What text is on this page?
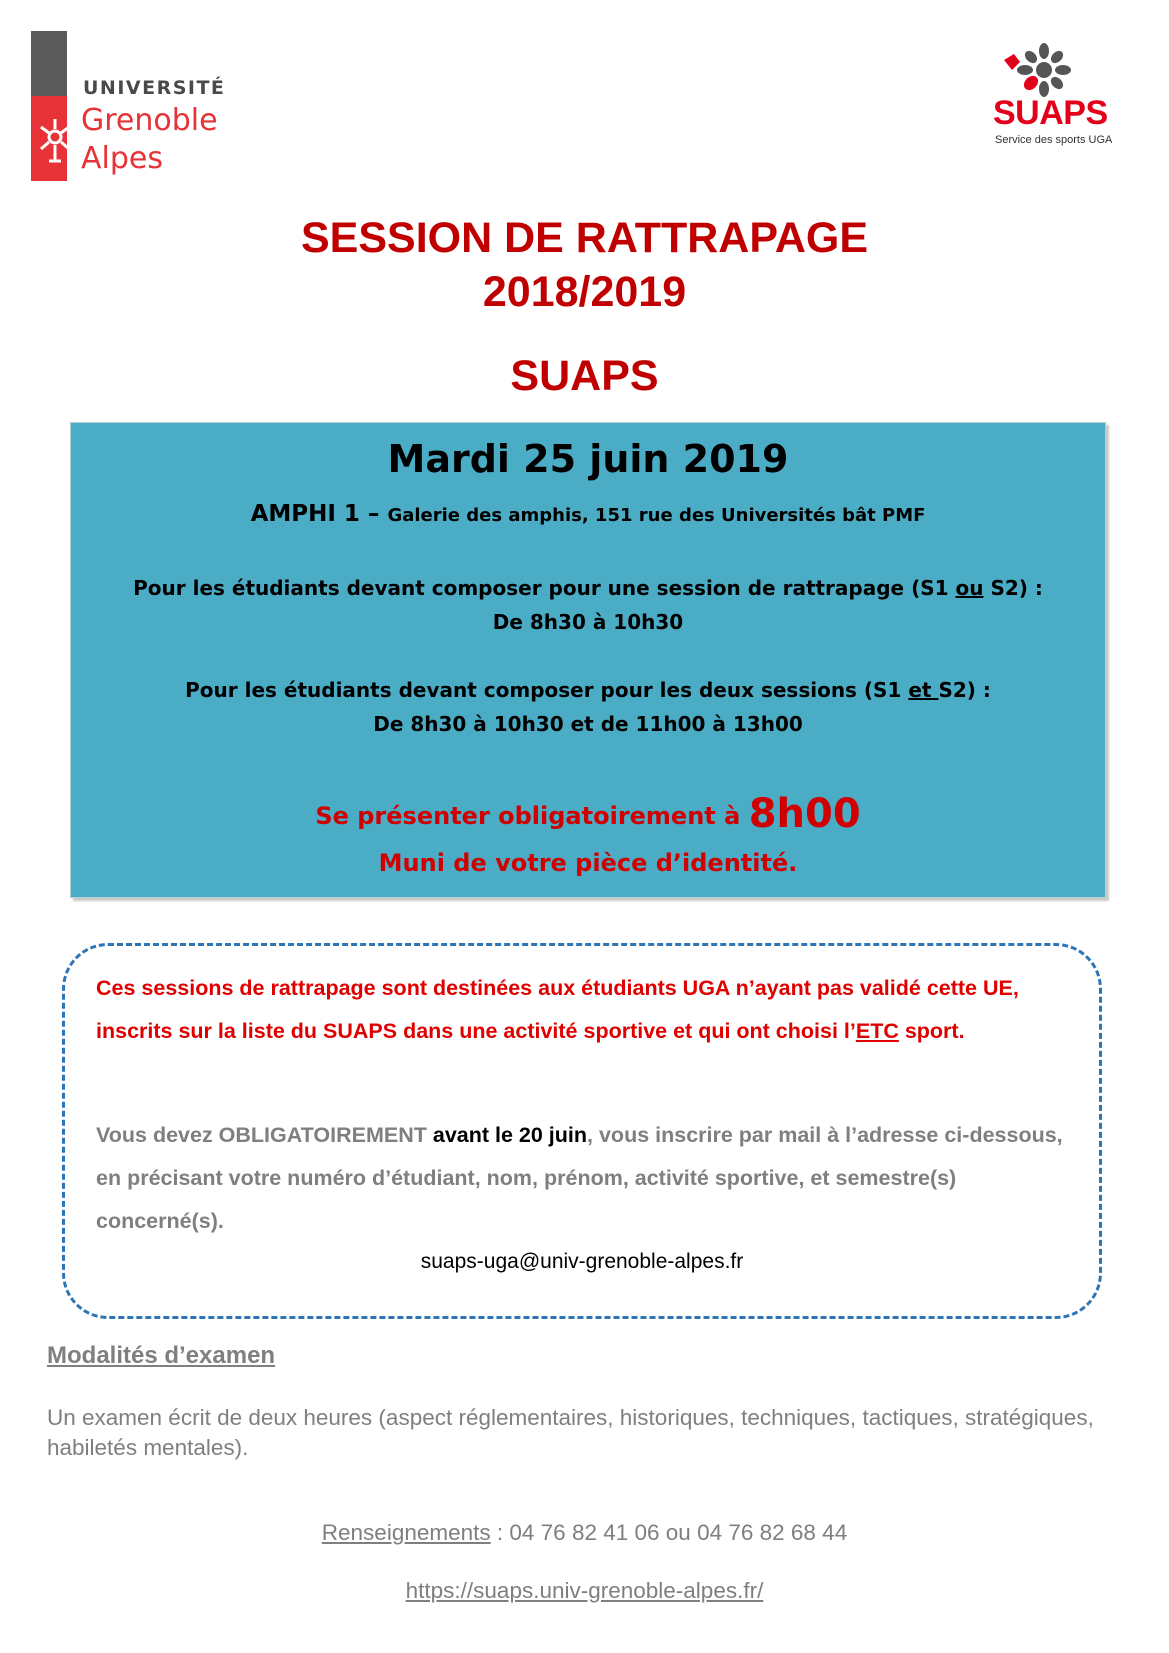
UNIVERSITÉ
Grenoble
Alpes
SUAPS
Service des sports UGA
SESSION DE RATTRAPAGE
2018/2019
SUAPS
Mardi 25 juin 2019
AMPHI 1 – Galerie des amphis, 151 rue des Universités bât PMF
Pour les étudiants devant composer pour une session de rattrapage (S1 ou S2) :
De 8h30 à 10h30
Pour les étudiants devant composer pour les deux sessions (S1 et S2) :
De 8h30 à 10h30 et de 11h00 à 13h00
Se présenter obligatoirement à 8h00
Muni de votre pièce d’identité.
Ces sessions de rattrapage sont destinées aux étudiants UGA n’ayant pas validé cette UE, inscrits sur la liste du SUAPS dans une activité sportive et qui ont choisi l’ETC sport.
Vous devez OBLIGATOIREMENT avant le 20 juin, vous inscrire par mail à l’adresse ci-dessous, en précisant votre numéro d’étudiant, nom, prénom, activité sportive, et semestre(s) concerné(s).
suaps-uga@univ-grenoble-alpes.fr
Modalités d’examen
Un examen écrit de deux heures (aspect réglementaires, historiques, techniques, tactiques, stratégiques, habiletés mentales).
Renseignements : 04 76 82 41 06 ou 04 76 82 68 44
https://suaps.univ-grenoble-alpes.fr/
